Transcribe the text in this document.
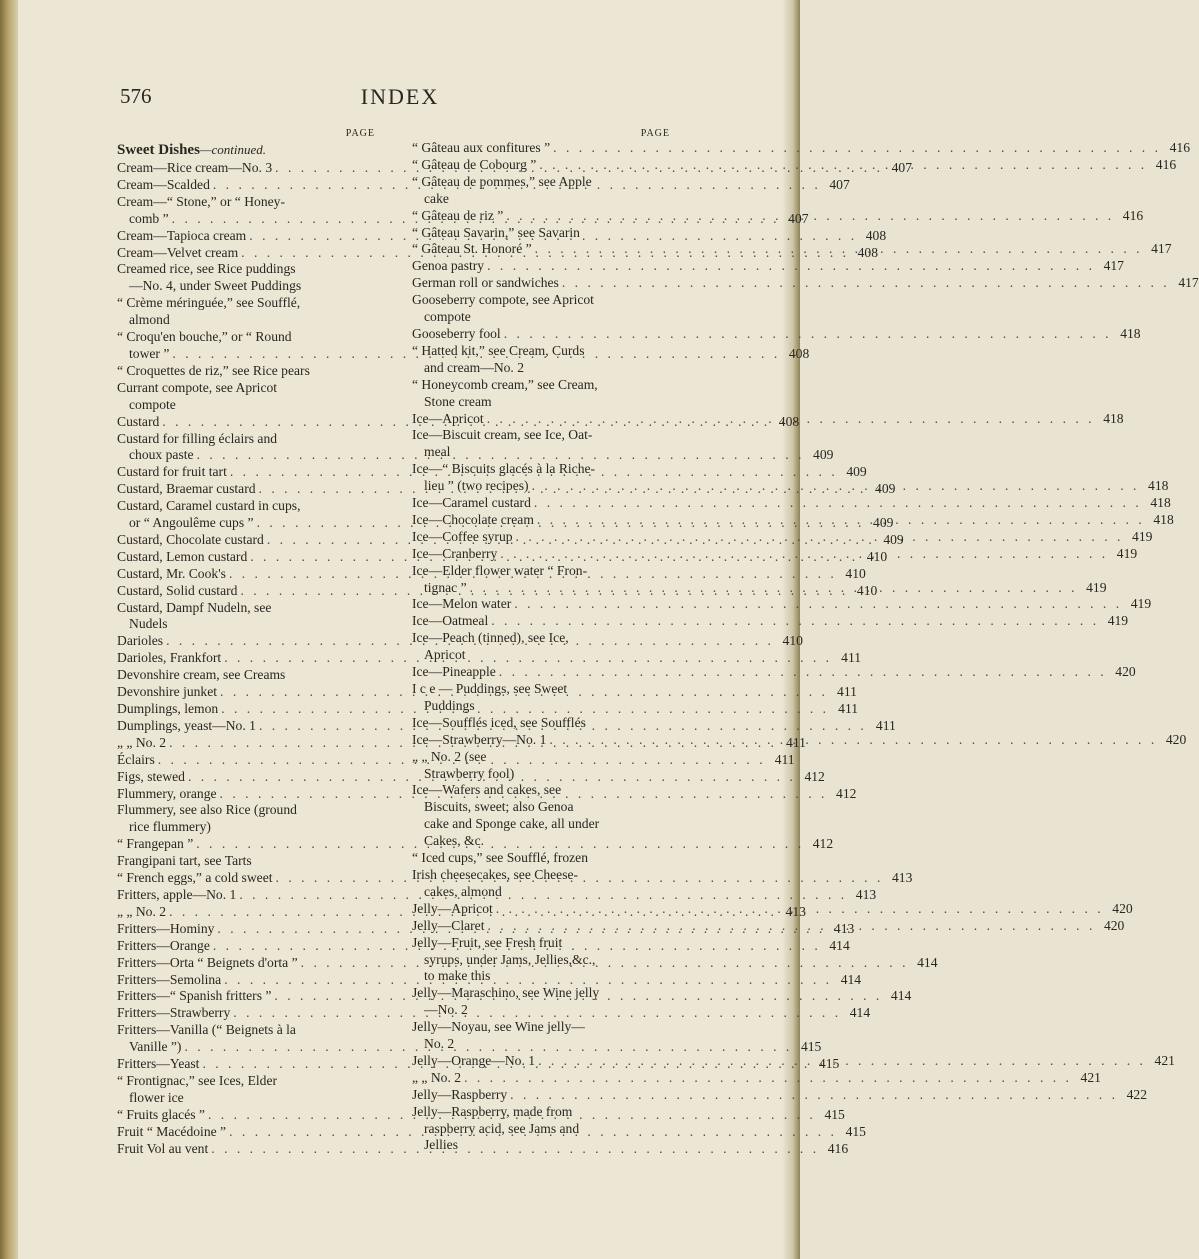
INDEX
576
PAGE
Sweet Dishes—continued.
Cream—Rice cream—No. 3 . . .	407
Cream—Scalded . . .	407
Cream—“ Stone,” or “ Honey-
comb ” . . .	407
Cream—Tapioca cream . . .	408
Cream—Velvet cream . . .	408
Creamed rice, see Rice puddings
—No. 4, under Sweet Puddings
“ Crème méringuée,” see Soufflé,
almond
“ Croqu'en bouche,” or “ Round
tower ” . . .	408
“ Croquettes de riz,” see Rice pears
Currant compote, see Apricot
compote
Custard . . .	408
Custard for filling éclairs and
choux paste . . .	409
Custard for fruit tart . . .	409
Custard, Braemar custard . . .	409
Custard, Caramel custard in cups,
or “ Angoulême cups ” . . .	409
Custard, Chocolate custard . . .	409
Custard, Lemon custard . . .	410
Custard, Mr. Cook's . . .	410
Custard, Solid custard . . .	410
Custard, Dampf Nudeln, see
Nudels
Darioles . . .	410
Darioles, Frankfort . . .	411
Devonshire cream, see Creams
Devonshire junket . . .	411
Dumplings, lemon . . .	411
Dumplings, yeast—No. 1 . . .	411
„ „ No. 2 . . .	411
Éclairs . . .	411
Figs, stewed . . .	412
Flummery, orange . . .	412
Flummery, see also Rice (ground
rice flummery)
“ Frangepan ” . . .	412
Frangipani tart, see Tarts
“ French eggs,” a cold sweet . . .	413
Fritters, apple—No. 1 . . .	413
„ „ No. 2 . . .	413
Fritters—Hominy . . .	413
Fritters—Orange . . .	414
Fritters—Orta “ Beignets d'orta ” . . .	414
Fritters—Semolina . . .	414
Fritters—“ Spanish fritters ” . . .	414
Fritters—Strawberry . . .	414
Fritters—Vanilla (“ Beignets à la
Vanille ”) . . .	415
Fritters—Yeast . . .	415
“ Frontignac,” see Ices, Elder
flower ice
“ Fruits glacés ” . . .	415
Fruit “ Macédoine ” . . .	415
Fruit Vol au vent . . .	416
PAGE
“ Gâteau aux confitures ” . . .	416
“ Gâteau de Cobourg ” . . .	416
“ Gâteau de pommes,” see Apple
cake
“ Gâteau de riz ” . . .	416
“ Gâteau Savarin,” see Savarin
“ Gâteau St. Honoré ” . . .	417
Genoa pastry . . .	417
German roll or sandwiches . . .	417
Gooseberry compote, see Apricot
compote
Gooseberry fool . . .	418
“ Hatted kit,” see Cream, Curds
and cream—No. 2
“ Honeycomb cream,” see Cream,
Stone cream
Ice—Apricot . . .	418
Ice—Biscuit cream, see Ice, Oat-
meal
Ice—“ Biscuits glacés à la Riche-
lieu ” (two recipes) . . .	418
Ice—Caramel custard . . .	418
Ice—Chocolate cream . . .	418
Ice—Coffee syrup . . .	419
Ice—Cranberry . . .	419
Ice—Elder flower water “ Fron-
tignac ” . . .	419
Ice—Melon water . . .	419
Ice—Oatmeal . . .	419
Ice—Peach (tinned), see Ice,
Apricot
Ice—Pineapple . . .	420
I c e — Puddings, see Sweet
Puddings
Ice—Soufflés iced, see Soufflés
Ice—Strawberry—No. 1 . . .	420
„ „ No. 2 (see
Strawberry fool)
Ice—Wafers and cakes, see
Biscuits, sweet; also Genoa
cake and Sponge cake, all under
Cakes, &c.
“ Iced cups,” see Soufflé, frozen
Irish cheesecakes, see Cheese-
cakes, almond
Jelly—Apricot . . .	420
Jelly—Claret . . .	420
Jelly—Fruit, see Fresh fruit
syrups, under Jams, Jellies,&c.,
to make this
Jelly—Maraschino, see Wine jelly
—No. 2
Jelly—Noyau, see Wine jelly—
No. 2
Jelly—Orange—No. 1 . . .	421
„ „ No. 2 . . .	421
Jelly—Raspberry . . .	422
Jelly—Raspberry, made from
raspberry acid, see Jams and
Jellies
